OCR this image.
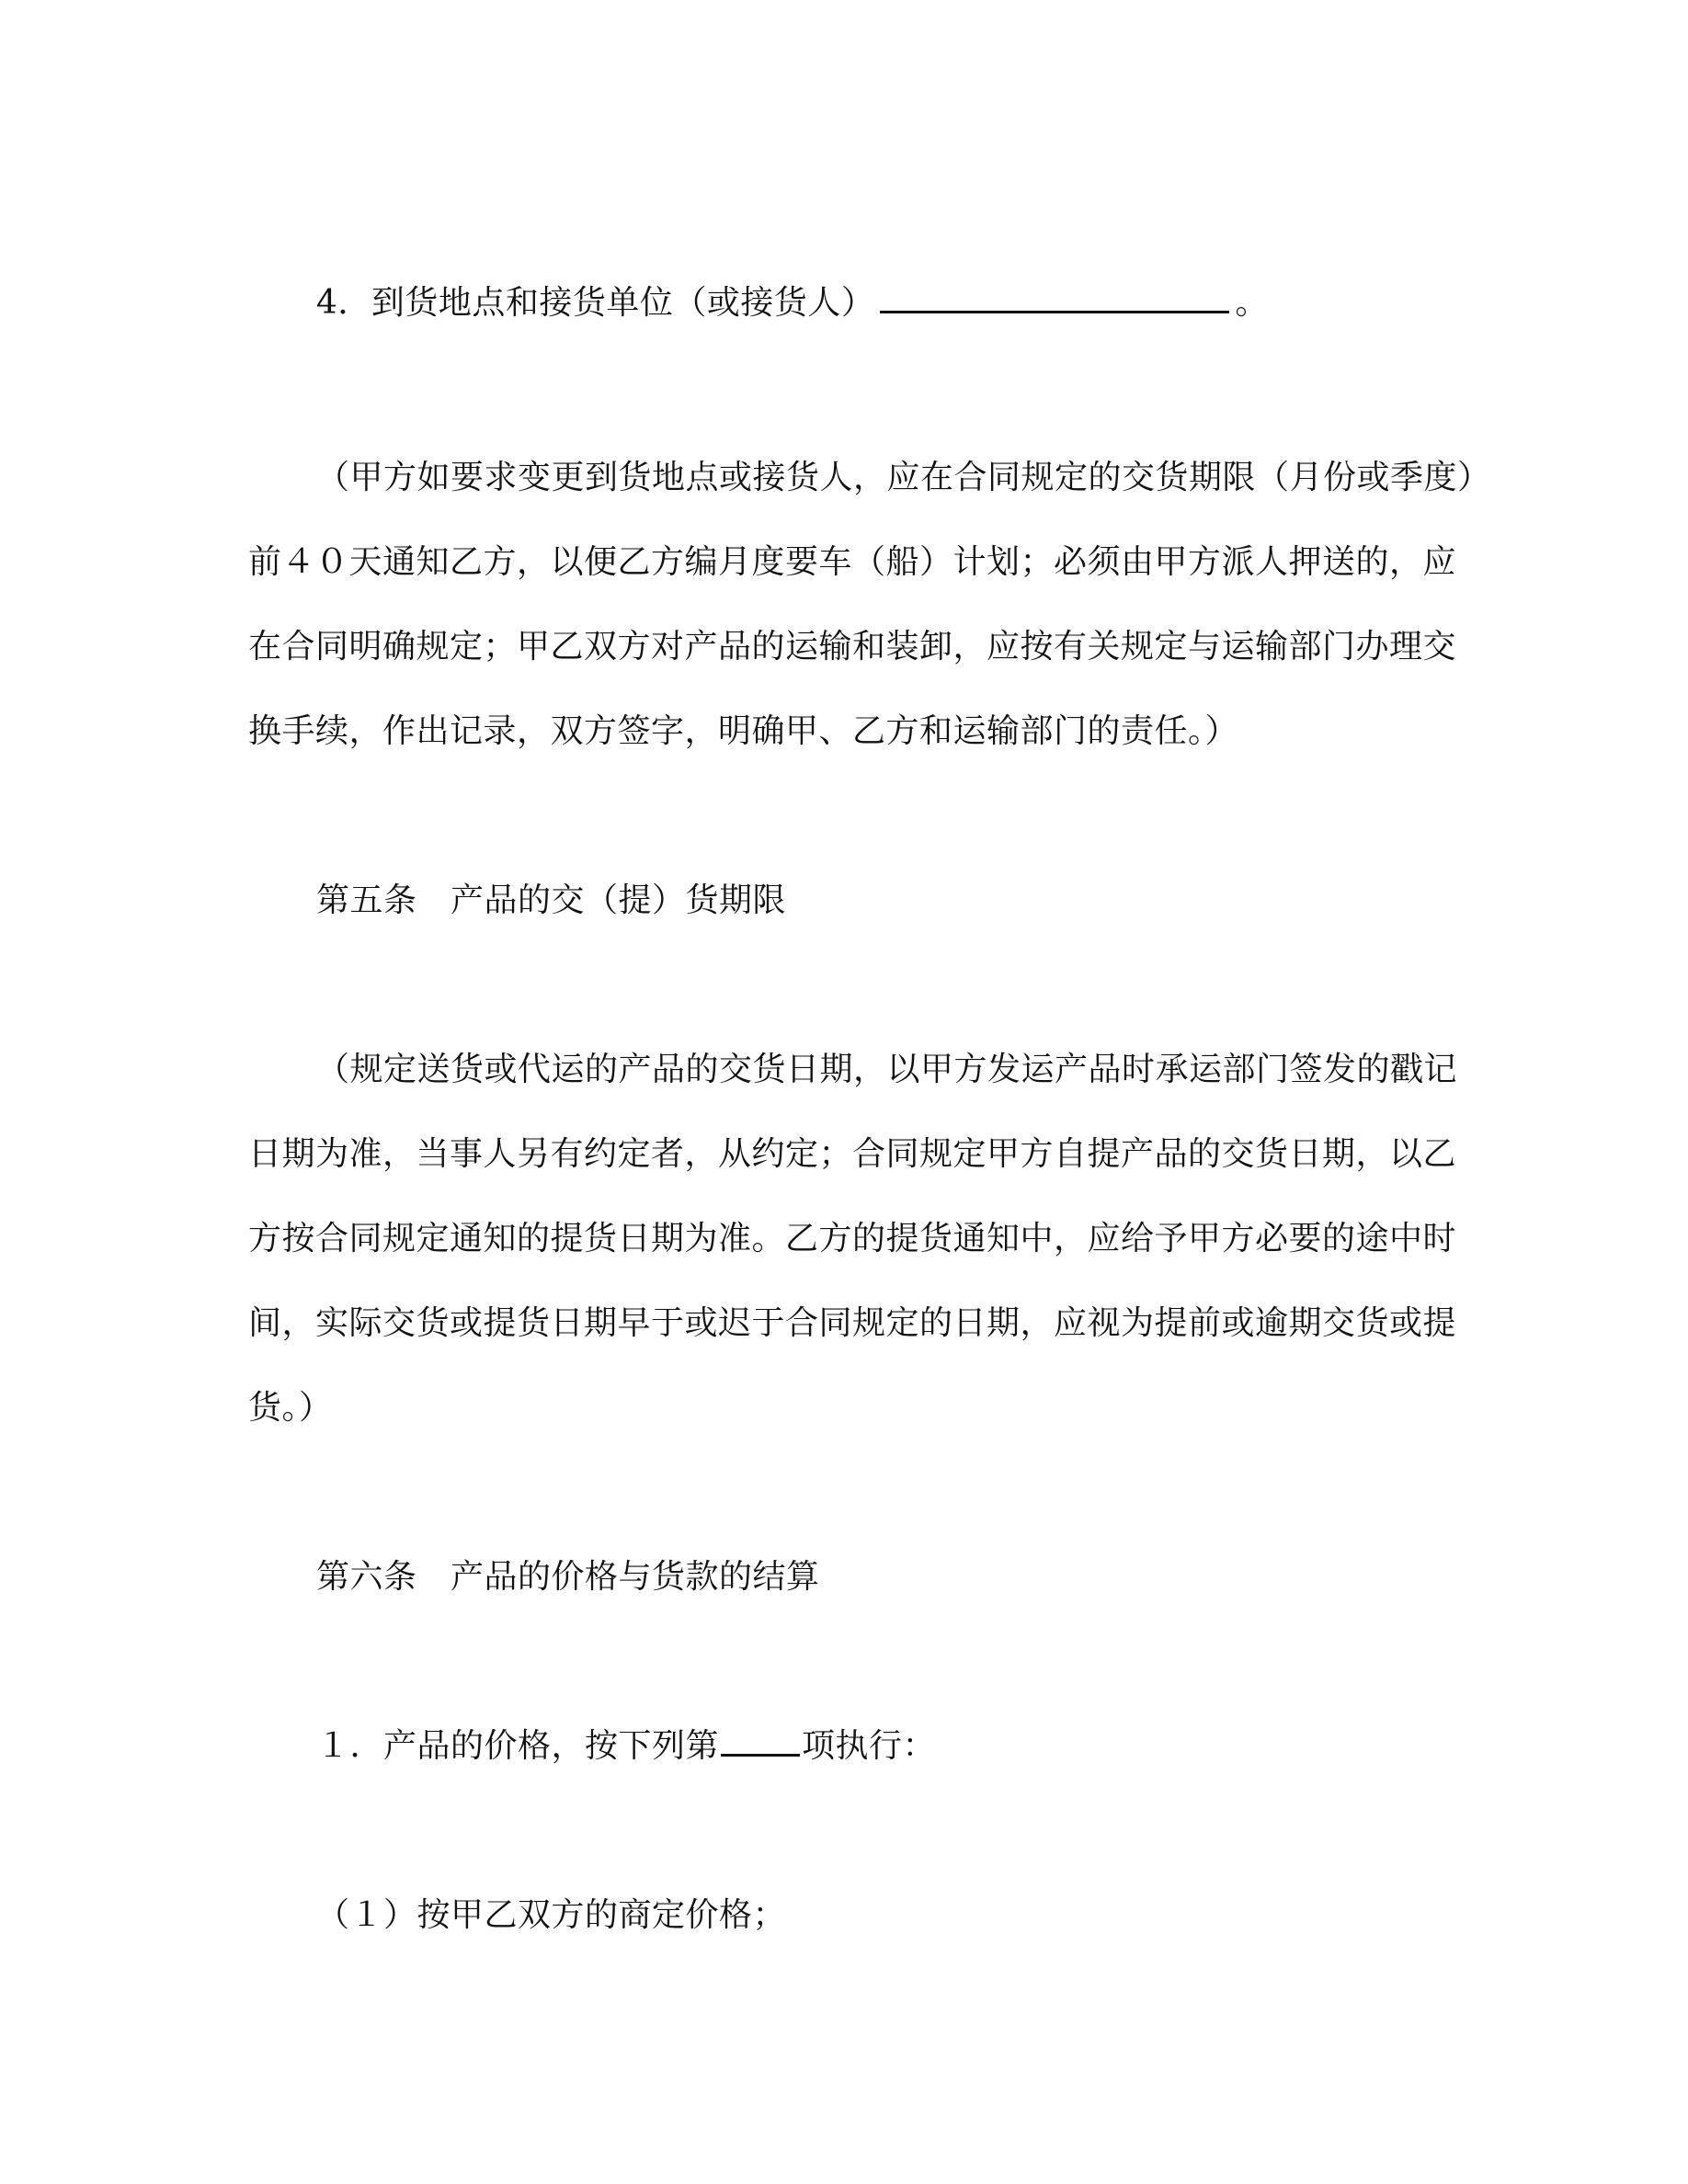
4．到货地点和接货单位（或接货人）	。
（甲方如要求变更到货地点或接货人，应在合同规定的交货期限（月份或季度）
前４０天通知乙方，以便乙方编月度要车（船）计划；必须由甲方派人押送的，应
在合同明确规定；甲乙双方对产品的运输和装卸，应按有关规定与运输部门办理交
换手续，作出记录，双方签字，明确甲、乙方和运输部门的责任。）
第五条　产品的交（提）货期限
（规定送货或代运的产品的交货日期，以甲方发运产品时承运部门签发的戳记
日期为准，当事人另有约定者，从约定；合同规定甲方自提产品的交货日期，以乙
方按合同规定通知的提货日期为准。乙方的提货通知中，应给予甲方必要的途中时
间，实际交货或提货日期早于或迟于合同规定的日期，应视为提前或逾期交货或提
货。）
第六条　产品的价格与货款的结算
１．产品的价格，按下列第	项执行：
（１）按甲乙双方的商定价格；
